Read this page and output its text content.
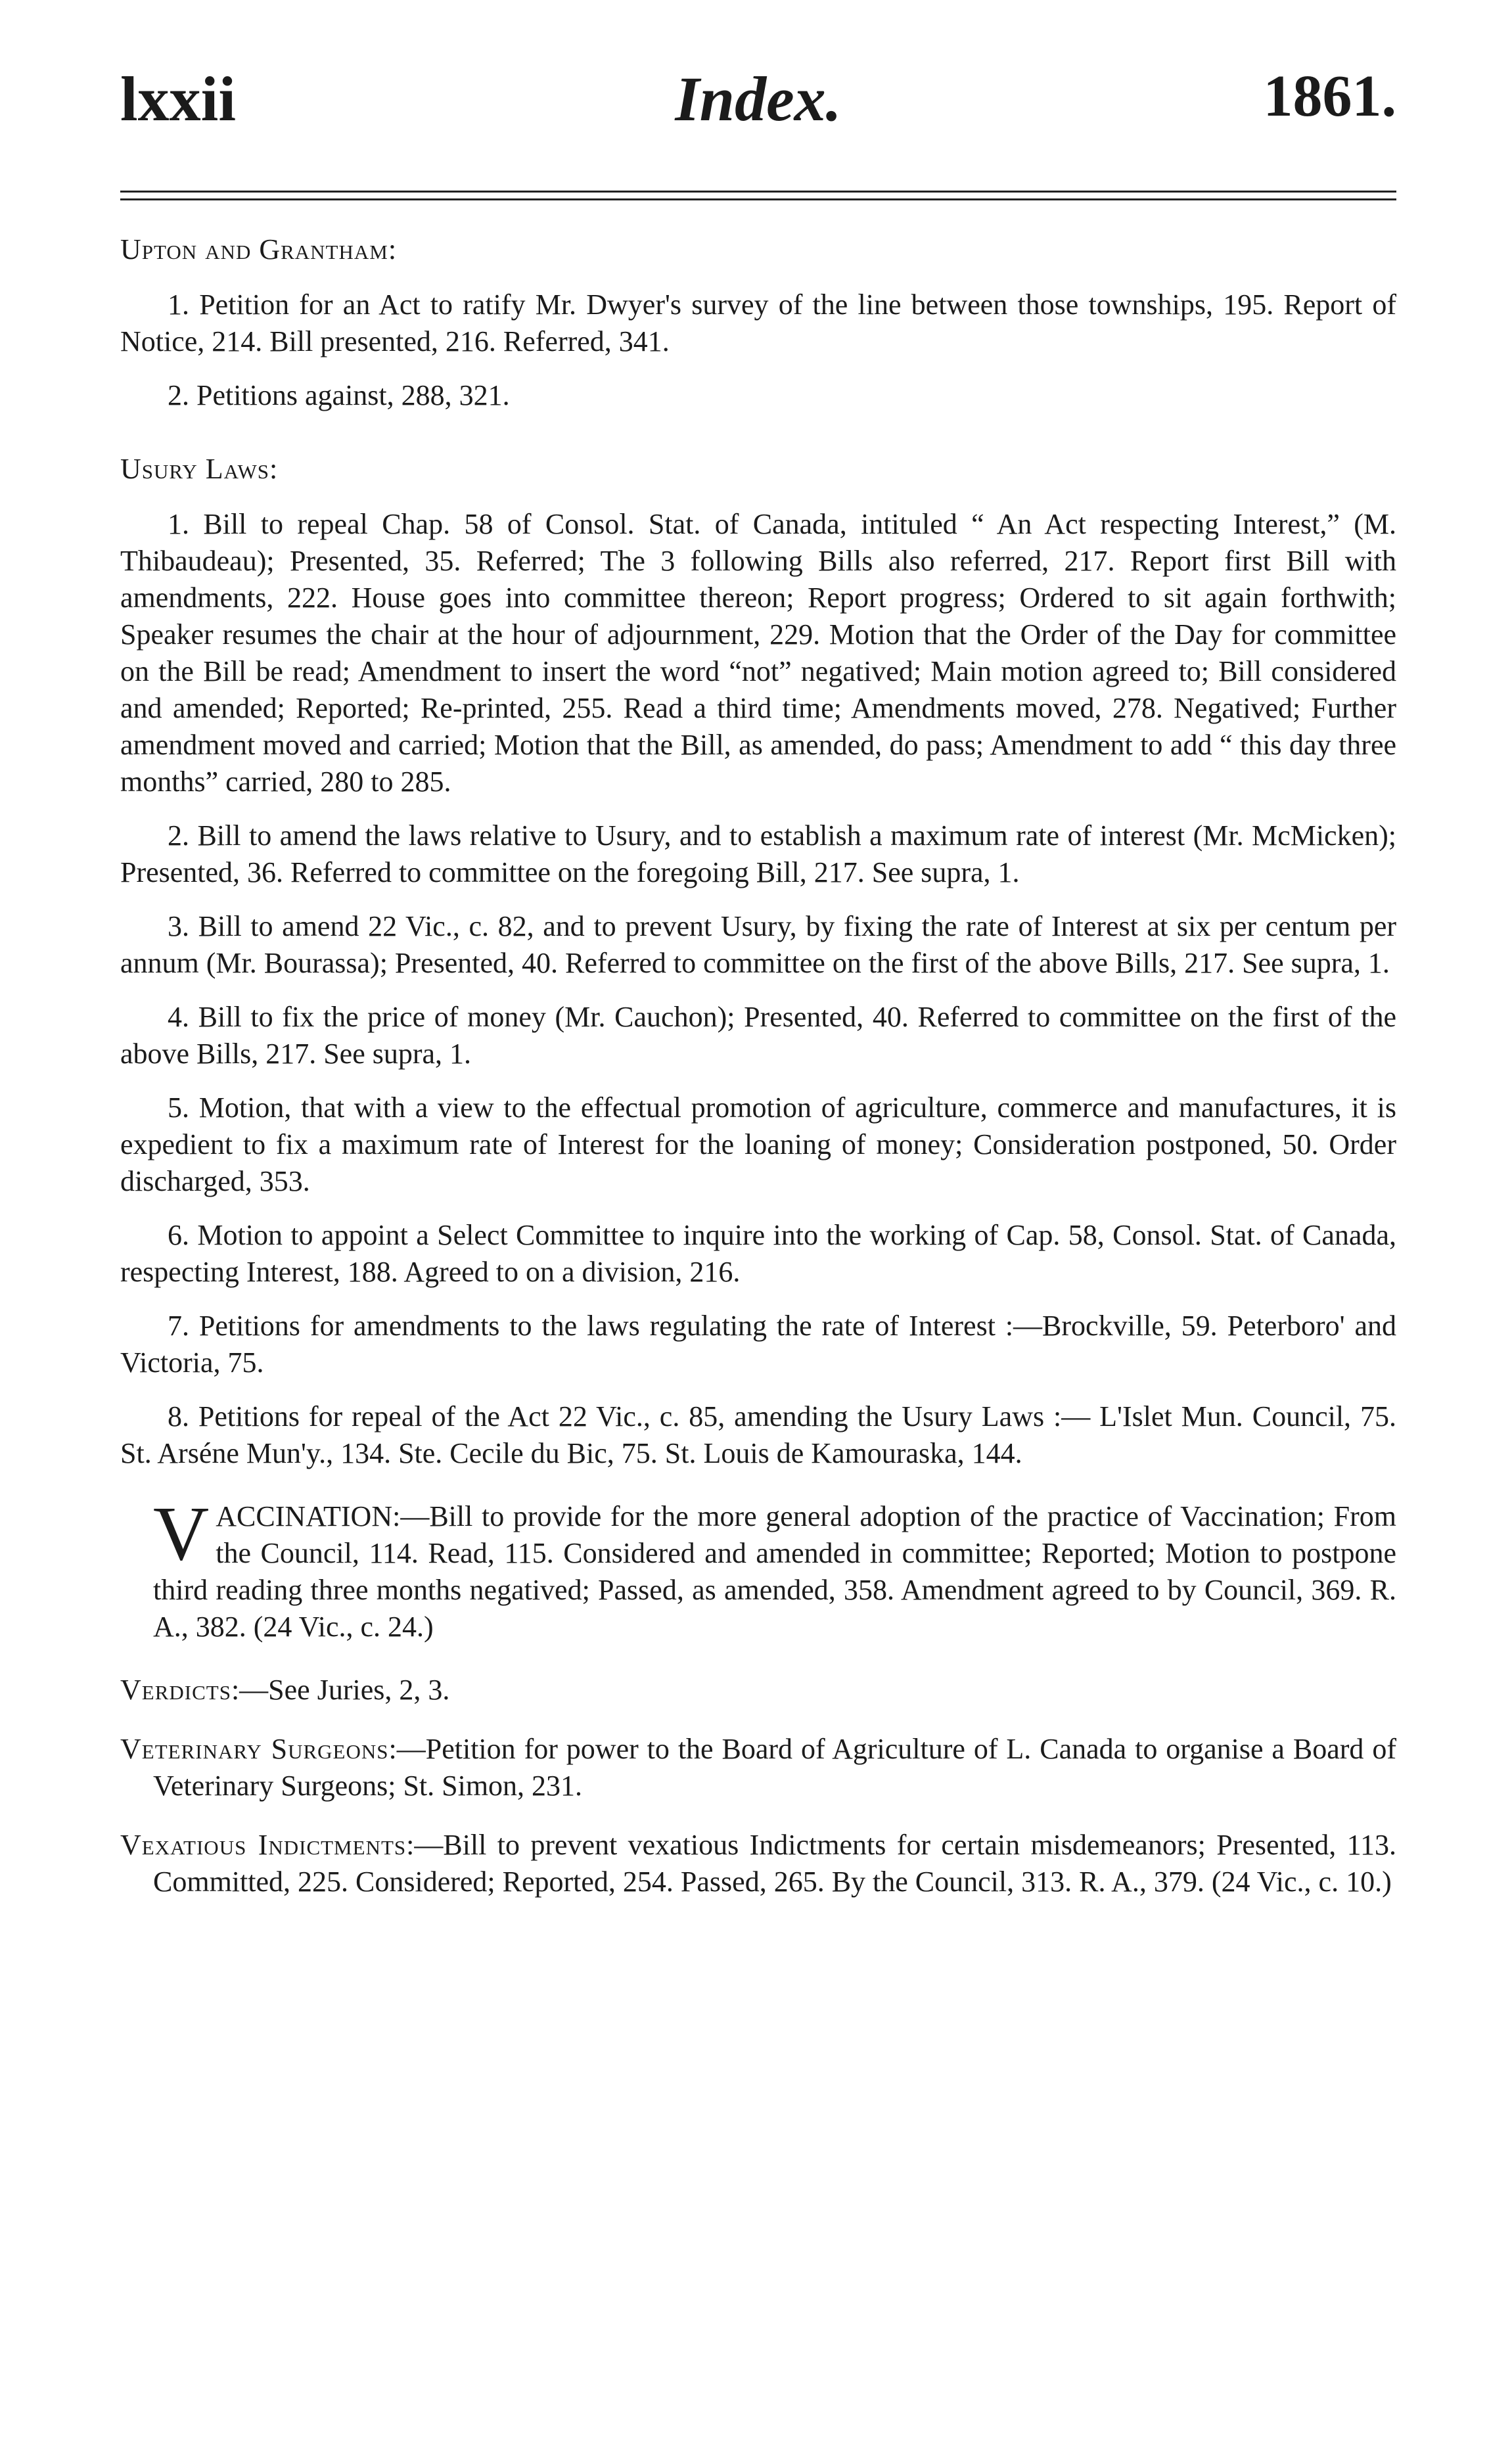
lxxii	Index.	1861.
Upton and Grantham:

1. Petition for an Act to ratify Mr. Dwyer's survey of the line between those townships, 195. Report of Notice, 214. Bill presented, 216. Referred, 341.

2. Petitions against, 288, 321.

Usury Laws:

1. Bill to repeal Chap. 58 of Consol. Stat. of Canada, intituled “ An Act respecting Interest,” (M. Thibaudeau); Presented, 35. Referred; The 3 following Bills also referred, 217. Report first Bill with amendments, 222. House goes into committee thereon; Report progress; Ordered to sit again forthwith; Speaker resumes the chair at the hour of adjournment, 229. Motion that the Order of the Day for committee on the Bill be read; Amendment to insert the word “not” negatived; Main motion agreed to; Bill considered and amended; Reported; Re-printed, 255. Read a third time; Amendments moved, 278. Negatived; Further amendment moved and carried; Motion that the Bill, as amended, do pass; Amendment to add “ this day three months” carried, 280 to 285.

2. Bill to amend the laws relative to Usury, and to establish a maximum rate of interest (Mr. McMicken); Presented, 36. Referred to committee on the foregoing Bill, 217. See supra, 1.

3. Bill to amend 22 Vic., c. 82, and to prevent Usury, by fixing the rate of Interest at six per centum per annum (Mr. Bourassa); Presented, 40. Referred to committee on the first of the above Bills, 217. See supra, 1.

4. Bill to fix the price of money (Mr. Cauchon); Presented, 40. Referred to committee on the first of the above Bills, 217. See supra, 1.

5. Motion, that with a view to the effectual promotion of agriculture, commerce and manufactures, it is expedient to fix a maximum rate of Interest for the loaning of money; Consideration postponed, 50. Order discharged, 353.

6. Motion to appoint a Select Committee to inquire into the working of Cap. 58, Consol. Stat. of Canada, respecting Interest, 188. Agreed to on a division, 216.

7. Petitions for amendments to the laws regulating the rate of Interest :—Brockville, 59. Peterboro' and Victoria, 75.

8. Petitions for repeal of the Act 22 Vic., c. 85, amending the Usury Laws :— L'Islet Mun. Council, 75. St. Arséne Mun'y., 134. Ste. Cecile du Bic, 75. St. Louis de Kamouraska, 144.

VACCINATION:—Bill to provide for the more general adoption of the practice of Vaccination; From the Council, 114. Read, 115. Considered and amended in committee; Reported; Motion to postpone third reading three months negatived; Passed, as amended, 358. Amendment agreed to by Council, 369. R. A., 382. (24 Vic., c. 24.)

Verdicts:—See Juries, 2, 3.

Veterinary Surgeons:—Petition for power to the Board of Agriculture of L. Canada to organise a Board of Veterinary Surgeons; St. Simon, 231.

Vexatious Indictments:—Bill to prevent vexatious Indictments for certain misdemeanors; Presented, 113. Committed, 225. Considered; Reported, 254. Passed, 265. By the Council, 313. R. A., 379. (24 Vic., c. 10.)
